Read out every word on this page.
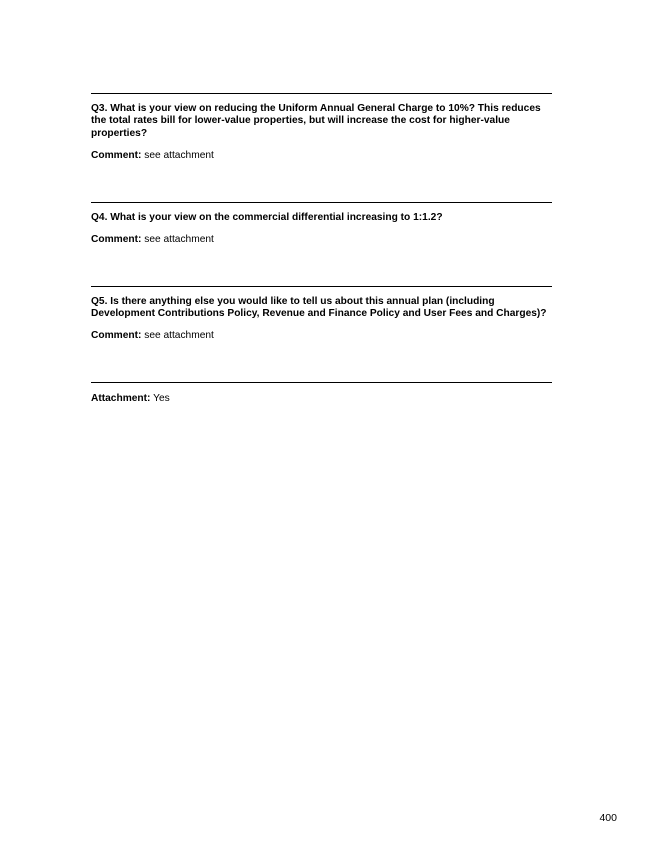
Q3. What is your view on reducing the Uniform Annual General Charge to 10%? This reduces the total rates bill for lower-value properties, but will increase the cost for higher-value properties?

Comment: see attachment

Q4. What is your view on the commercial differential increasing to 1:1.2?

Comment: see attachment

Q5. Is there anything else you would like to tell us about this annual plan (including Development Contributions Policy, Revenue and Finance Policy and User Fees and Charges)?

Comment: see attachment

Attachment: Yes
400
